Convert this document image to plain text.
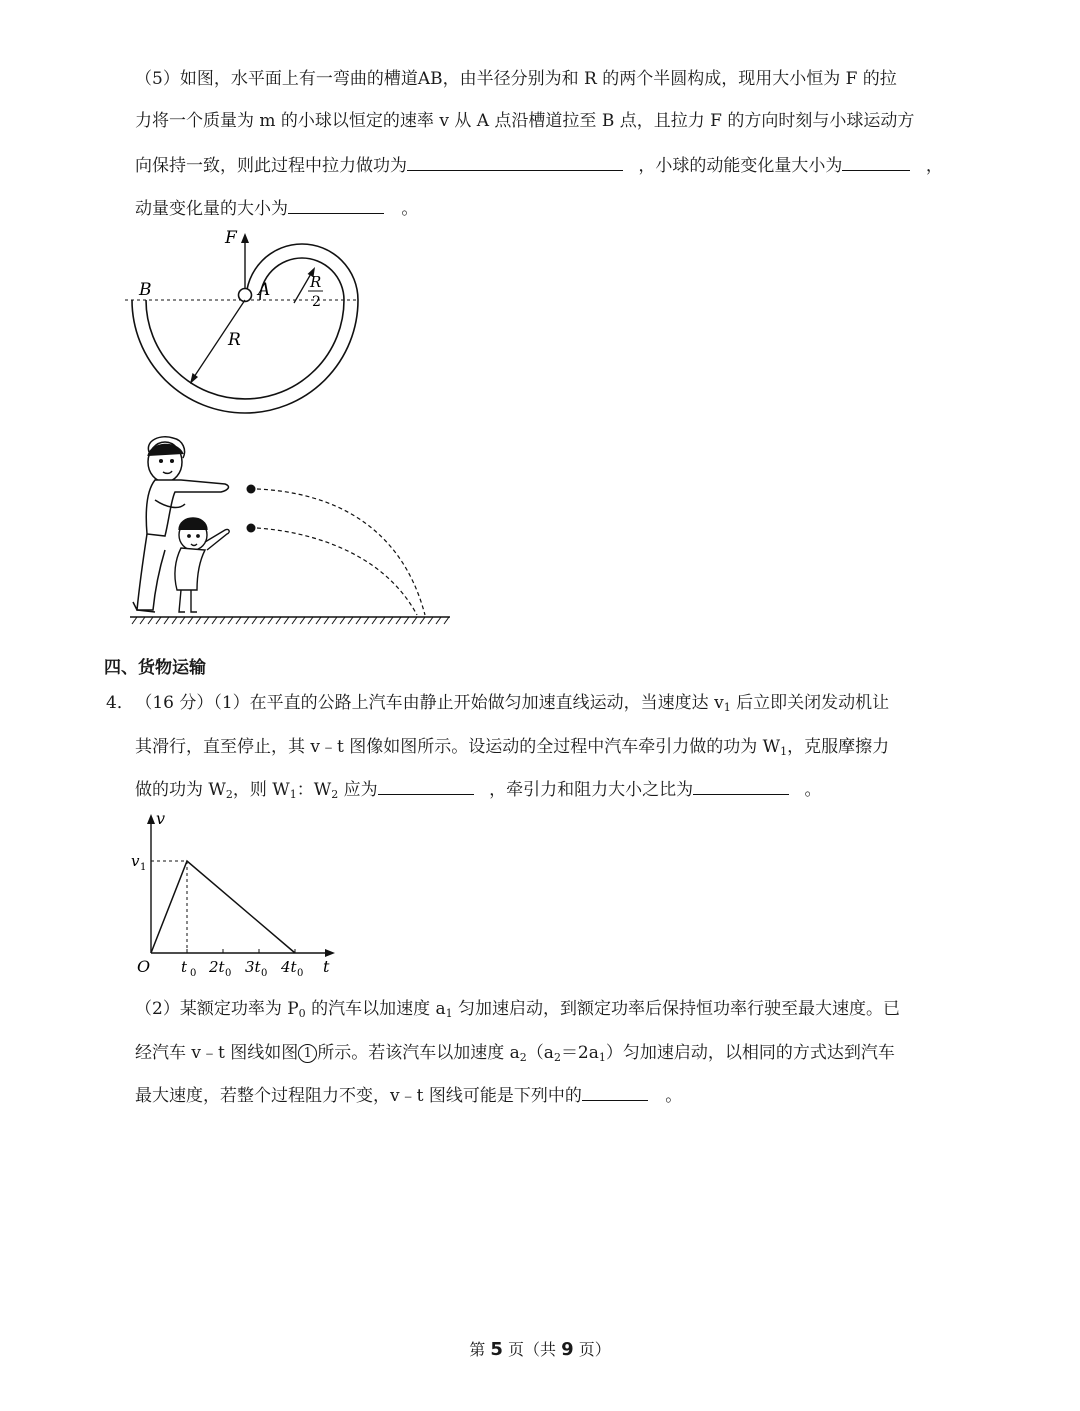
（5）如图，水平面上有一弯曲的槽道AB，由半径分别为和 R 的两个半圆构成，现用大小恒为 F 的拉
力将一个质量为 m 的小球以恒定的速率 v 从 A 点沿槽道拉至 B 点，且拉力 F 的方向时刻与小球运动方
向保持一致，则此过程中拉力做功为	，小球的动能变化量大小为	，
动量变化量的大小为	。
F
A
B
R
R
2
四、货物运输
4． （16 分）（1）在平直的公路上汽车由静止开始做匀加速直线运动，当速度达 $v_1$ 后立即关闭发动机让
其滑行，直至停止，其 v﹣t 图像如图所示。设运动的全过程中汽车牵引力做的功为 $W_1$，克服摩擦力
做的功为 $W_2$，则 $W_1$：$W_2$ 应为	，牵引力和阻力大小之比为	。
v
t
O
v 1
t 0 2t 0 3t 0 4t 0
（2）某额定功率为 $P_0$ 的汽车以加速度 $a_1$ 匀加速启动，到额定功率后保持恒功率行驶至最大速度。已
经汽车 v﹣t 图线如图 1 所示。若该汽车以加速度 $a_2(a_2=2a_1)$匀加速启动，以相同的方式达到汽车
最大速度，若整个过程阻力不变，v﹣t 图线可能是下列中的	。
第 5 页（共 9 页）
